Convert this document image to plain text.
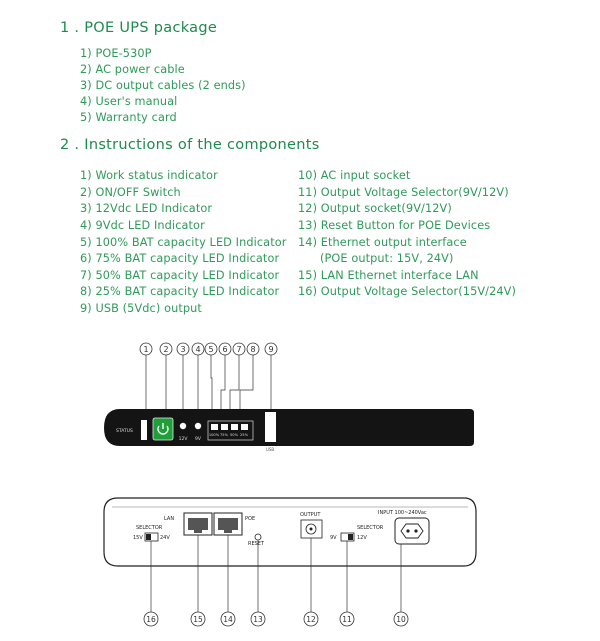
1 . POE UPS package
1) POE-530P
2) AC power cable
3) DC output cables (2 ends)
4) User's manual
5) Warranty card
2 . Instructions of the components
1) Work status indicator
2) ON/OFF Switch
3) 12Vdc LED Indicator
4) 9Vdc LED Indicator
5) 100% BAT capacity LED Indicator
6) 75% BAT capacity LED Indicator
7) 50% BAT capacity LED Indicator
8) 25% BAT capacity LED Indicator
9) USB (5Vdc) output
10) AC input socket
11) Output Voltage Selector(9V/12V)
12) Output socket(9V/12V)
13) Reset Button for POE Devices
14) Ethernet output interface
(POE output: 15V, 24V)
15) LAN Ethernet interface LAN
16) Output Voltage Selector(15V/24V)
1 2 3 4 5 6 7 8 9
STATUS
12V 9V
100% 75% 50% 25%
USB
SELECTOR
15V	24V
LAN	POE
RESET
OUTPUT
SELECTOR
9V	12V
INPUT 100~240Vac
16	15	14	13	12	11	10
